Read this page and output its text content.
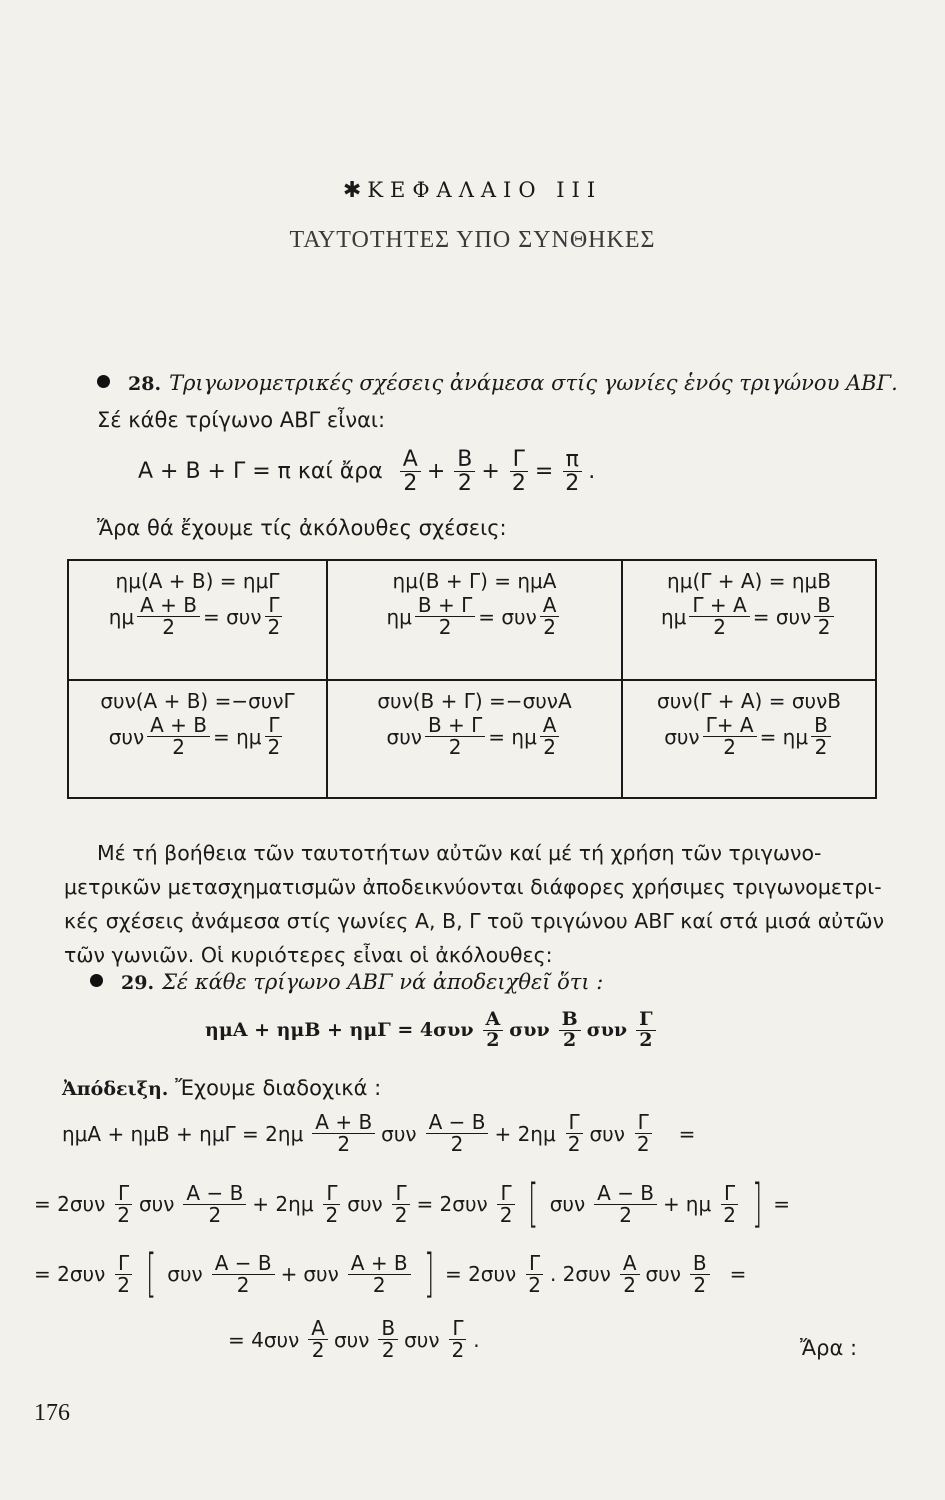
✱ ΚΕΦΑΛΑΙΟ ΙΙΙ
ΤΑΥΤΟΤΗΤΕΣ ΥΠΟ ΣΥΝΘΗΚΕΣ
28. Τριγωνομετρικές σχέσεις ἀνάμεσα στίς γωνίες ἑνός τριγώνου ΑΒΓ.
Σέ κάθε τρίγωνο ΑΒΓ εἶναι:
Α + Β + Γ = π καί ἄρα Α
$2 + \frac{B}{2} + \frac{\Gamma}{2} = \frac{\pi}{2}$ .
Ἄρα θά ἔχουμε τίς ἀκόλουθες σχέσεις:
ημ(Α + Β) = ημΓ
ημ $\frac{A + B}{2} = \sigma\upsilon\nu$ Γ
2
ημ(Β + Γ) = ημΑ
ημ $\frac{B + \Gamma}{2} = \sigma\upsilon\nu$ Α
2
ημ(Γ + Α) = ημΒ
ημ $\frac{\Gamma + A}{2} = \sigma\upsilon\nu$ Β
2
συν(Α + Β) =−συνΓ
συν $\frac{A + B}{2} = \eta\mu$ Γ
2
συν(Β + Γ) =−συνΑ
συν $\frac{B + \Gamma}{2} = \eta\mu$ Α
2
συν(Γ + Α) = συνΒ
συν $\frac{\Gamma+ A}{2} = \eta\mu$ Β
2
Μέ τή βοήθεια τῶν ταυτοτήτων αὐτῶν καί μέ τή χρήση τῶν τριγωνο-
μετρικῶν μετασχηματισμῶν ἀποδεικνύονται διάφορες χρήσιμες τριγωνομετρι-
κές σχέσεις ἀνάμεσα στίς γωνίες Α, Β, Γ τοῦ τριγώνου ΑΒΓ καί στά μισά αὐτῶν
τῶν γωνιῶν. Οἱ κυριότερες εἶναι οἱ ἀκόλουθες:
29. Σέ κάθε τρίγωνο ΑΒΓ νά ἀποδειχθεῖ ὅτι :
ημΑ + ημΒ + ημΓ = 4συν
Α
2 συν
Β
2 συν
Γ
2
Ἀπόδειξη. Ἔχουμε διαδοχικά :
ημΑ + ημΒ + ημΓ = 2ημ Α + Β
2 συν Α − Β
2 + 2ημ Γ
2 συν $\frac{\Gamma}{2}$ =
= 2συν Γ
2 συν Α − Β
2 + 2ημ Γ
2 συν $\frac{\Gamma}{2} = 2\sigma\upsilon\nu$ Γ
2 [ συν Α − Β
2 + ημ Γ
2 ] =
= 2συν Γ
2 [ συν Α − Β
2 + συν Α + Β
2 ] = 2συν Γ
2 . 2συν Α
2 συν $\frac{B}{2}$ =
= 4συν Α
2 συν Β
2 συν Γ
2 .	Ἄρα :
176
